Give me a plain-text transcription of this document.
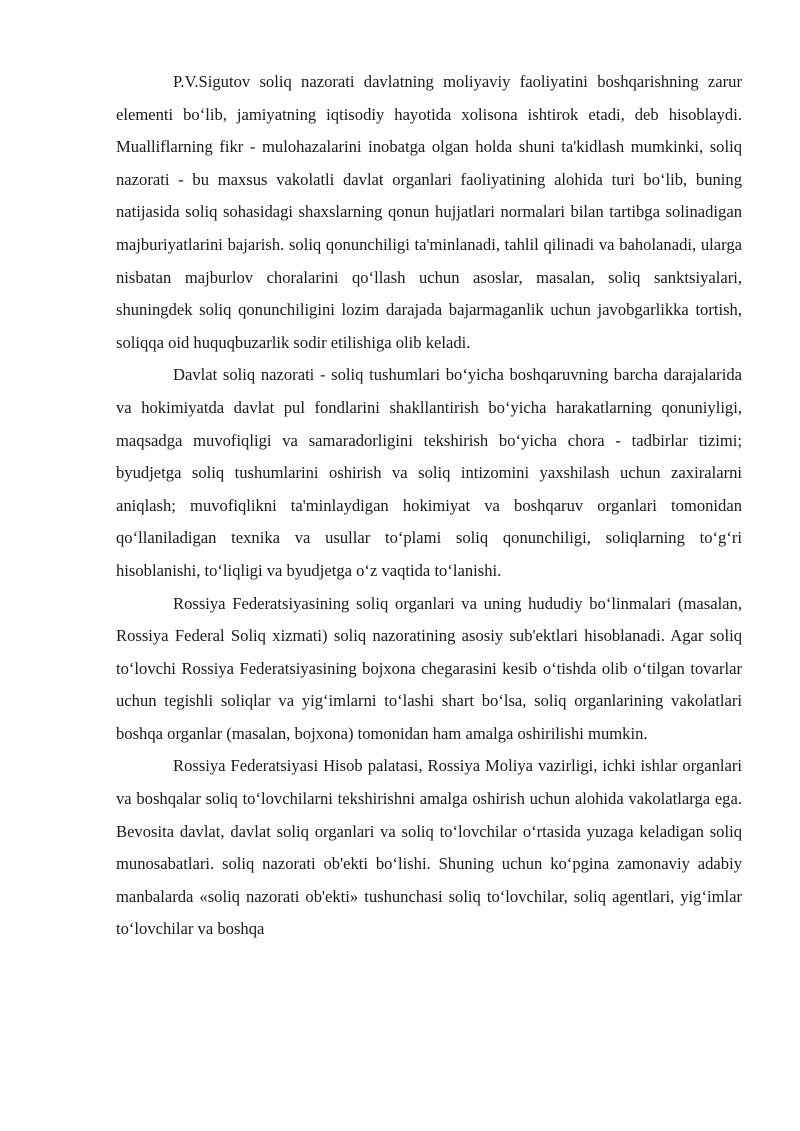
P.V.Sigutov soliq nazorati davlatning moliyaviy faoliyatini boshqarishning zarur elementi bo‘lib, jamiyatning iqtisodiy hayotida xolisona ishtirok etadi, deb hisoblaydi. Mualliflarning fikr - mulohazalarini inobatga olgan holda shuni ta'kidlash mumkinki, soliq nazorati - bu maxsus vakolatli davlat organlari faoliyatining alohida turi bo‘lib, buning natijasida soliq sohasidagi shaxslarning qonun hujjatlari normalari bilan tartibga solinadigan majburiyatlarini bajarish. soliq qonunchiligi ta'minlanadi, tahlil qilinadi va baholanadi, ularga nisbatan majburlov choralarini qo‘llash uchun asoslar, masalan, soliq sanktsiyalari, shuningdek soliq qonunchiligini lozim darajada bajarmaganlik uchun javobgarlikka tortish, soliqqa oid huquqbuzarlik sodir etilishiga olib keladi.

Davlat soliq nazorati - soliq tushumlari bo‘yicha boshqaruvning barcha darajalarida va hokimiyatda davlat pul fondlarini shakllantirish bo‘yicha harakatlarning qonuniyligi, maqsadga muvofiqligi va samaradorligini tekshirish bo‘yicha chora - tadbirlar tizimi; byudjetga soliq tushumlarini oshirish va soliq intizomini yaxshilash uchun zaxiralarni aniqlash; muvofiqlikni ta'minlaydigan hokimiyat va boshqaruv organlari tomonidan qo‘llaniladigan texnika va usullar to‘plami soliq qonunchiligi, soliqlarning to‘g‘ri hisoblanishi, to‘liqligi va byudjetga o‘z vaqtida to‘lanishi.

Rossiya Federatsiyasining soliq organlari va uning hududiy bo‘linmalari (masalan, Rossiya Federal Soliq xizmati) soliq nazoratining asosiy sub'ektlari hisoblanadi. Agar soliq to‘lovchi Rossiya Federatsiyasining bojxona chegarasini kesib o‘tishda olib o‘tilgan tovarlar uchun tegishli soliqlar va yig‘imlarni to‘lashi shart bo‘lsa, soliq organlarining vakolatlari boshqa organlar (masalan, bojxona) tomonidan ham amalga oshirilishi mumkin.

Rossiya Federatsiyasi Hisob palatasi, Rossiya Moliya vazirligi, ichki ishlar organlari va boshqalar soliq to‘lovchilarni tekshirishni amalga oshirish uchun alohida vakolatlarga ega. Bevosita davlat, davlat soliq organlari va soliq to‘lovchilar o‘rtasida yuzaga keladigan soliq munosabatlari. soliq nazorati ob'ekti bo‘lishi. Shuning uchun ko‘pgina zamonaviy adabiy manbalarda «soliq nazorati ob'ekti» tushunchasi soliq to‘lovchilar, soliq agentlari, yig‘imlar to‘lovchilar va boshqa
